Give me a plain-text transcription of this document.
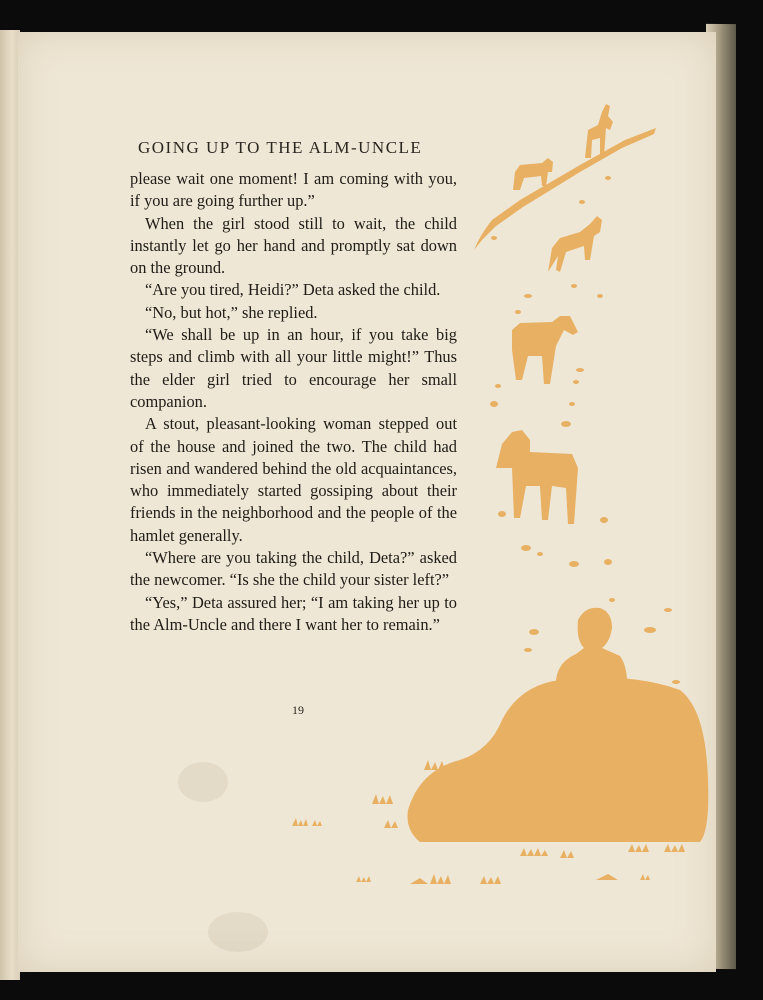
GOING UP TO THE ALM-UNCLE

please wait one moment! I am coming with you, if you are going further up.”

When the girl stood still to wait, the child instantly let go her hand and promptly sat down on the ground.

“Are you tired, Heidi?” Deta asked the child.

“No, but hot,” she replied.

“We shall be up in an hour, if you take big steps and climb with all your little might!” Thus the elder girl tried to encourage her small companion.

A stout, pleasant-looking woman stepped out of the house and joined the two. The child had risen and wandered behind the old acquaintances, who immediately started gossiping about their friends in the neighborhood and the people of the hamlet generally.

“Where are you taking the child, Deta?” asked the newcomer. “Is she the child your sister left?”

“Yes,” Deta assured her; “I am taking her up to the Alm-Uncle and there I want her to remain.”

19
